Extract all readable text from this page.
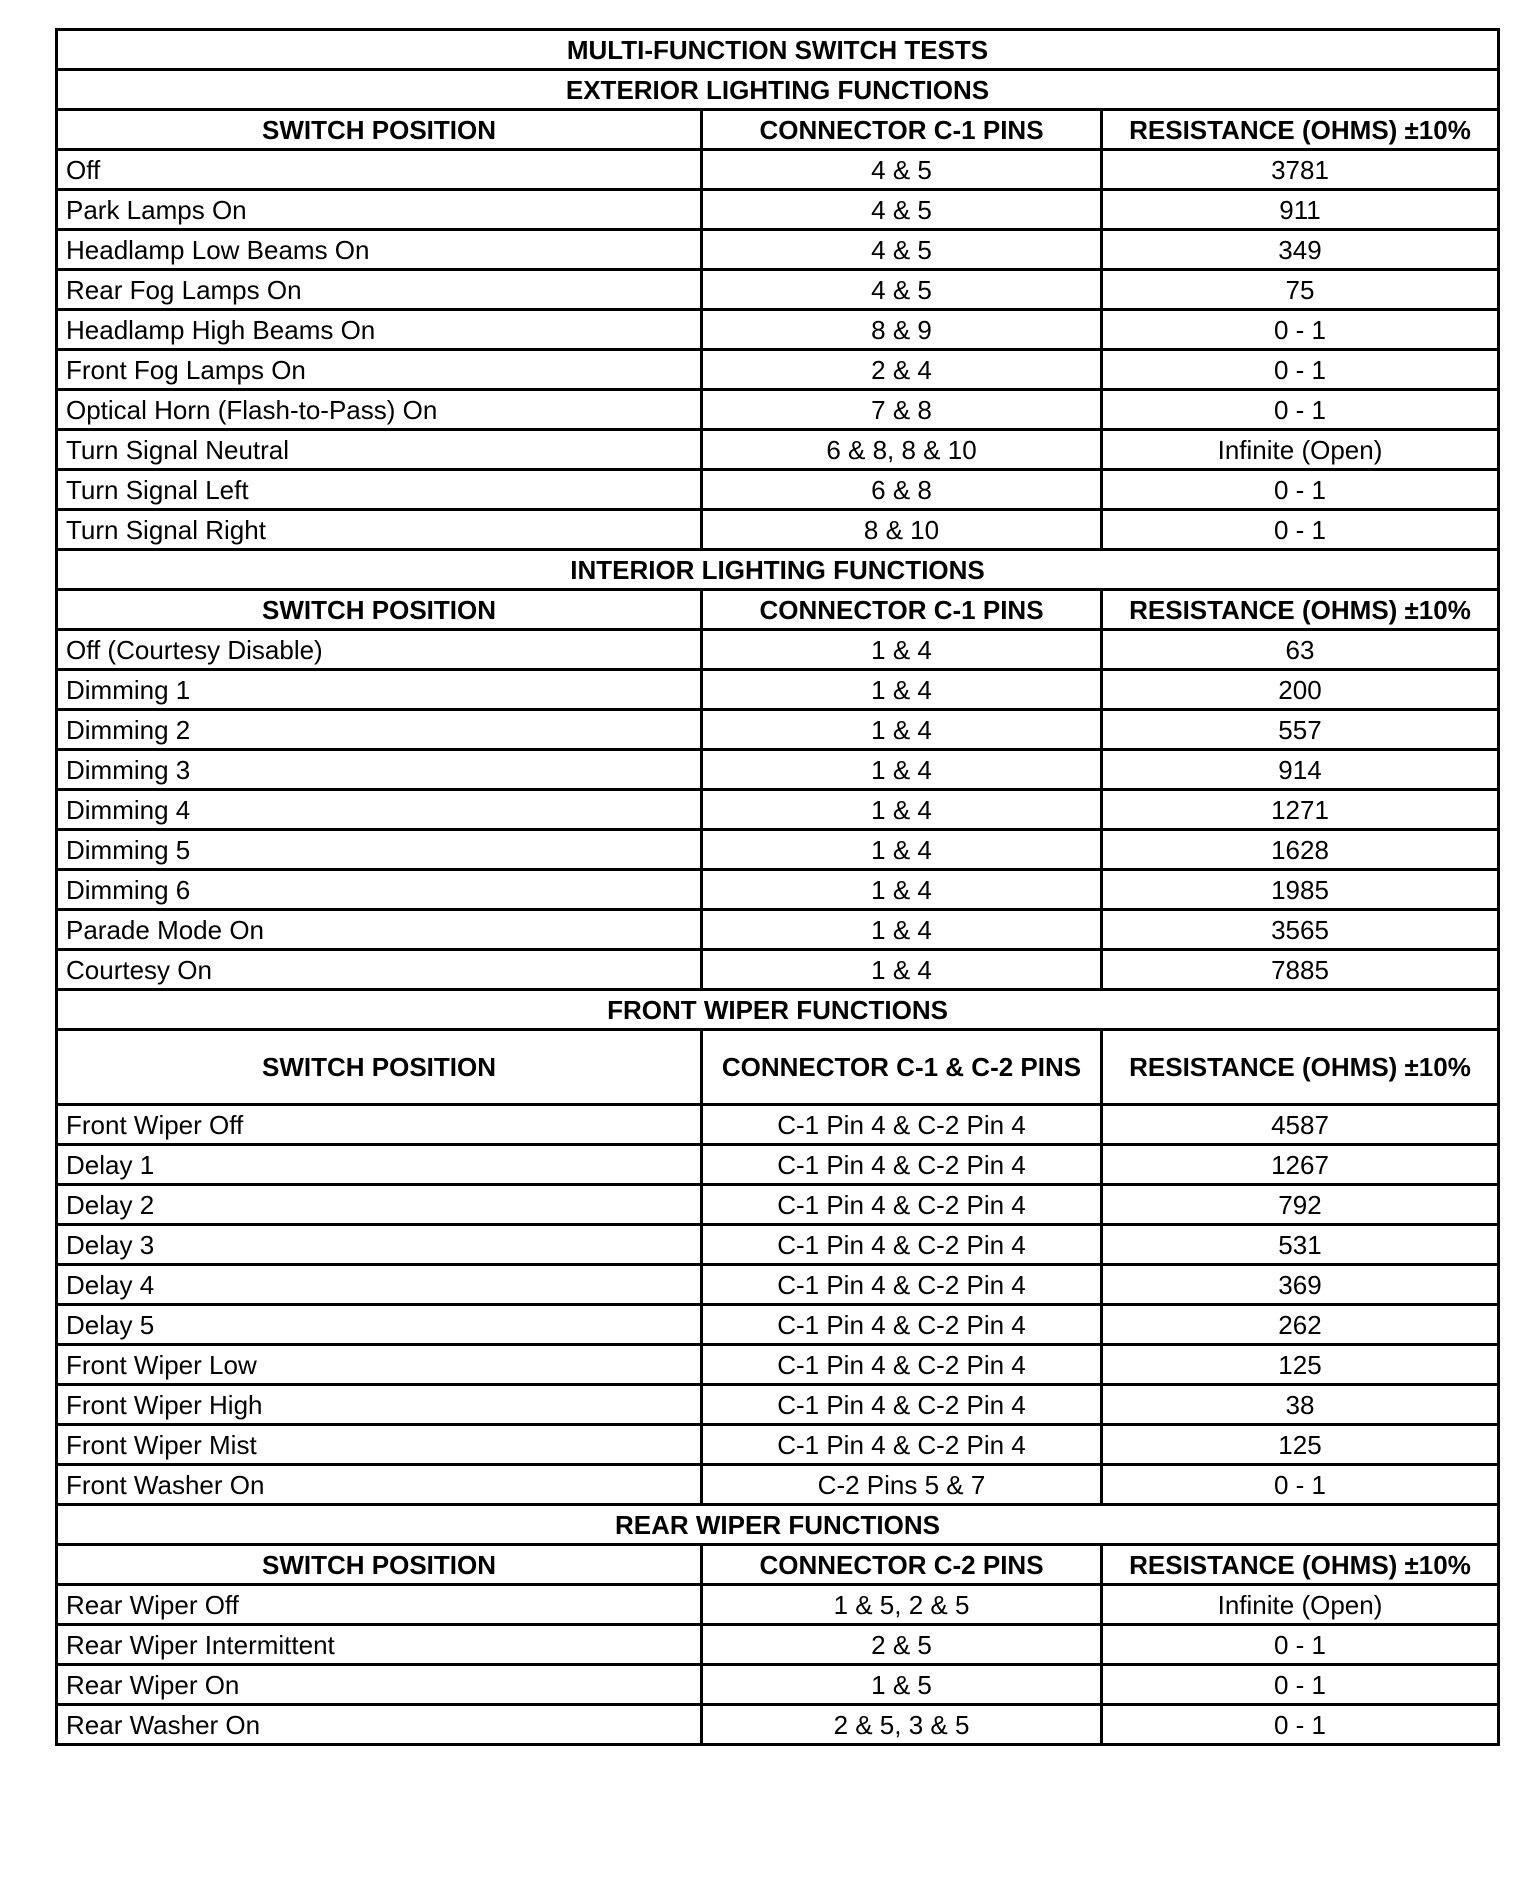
MULTI-FUNCTION SWITCH TESTS		
EXTERIOR LIGHTING FUNCTIONS		
SWITCH POSITION	CONNECTOR C-1 PINS	RESISTANCE (OHMS) ±10%
Off	4 & 5	3781
Park Lamps On	4 & 5	911
Headlamp Low Beams On	4 & 5	349
Rear Fog Lamps On	4 & 5	75
Headlamp High Beams On	8 & 9	0 - 1
Front Fog Lamps On	2 & 4	0 - 1
Optical Horn (Flash-to-Pass) On	7 & 8	0 - 1
Turn Signal Neutral	6 & 8, 8 & 10	Infinite (Open)
Turn Signal Left	6 & 8	0 - 1
Turn Signal Right	8 & 10	0 - 1
INTERIOR LIGHTING FUNCTIONS		
SWITCH POSITION	CONNECTOR C-1 PINS	RESISTANCE (OHMS) ±10%
Off (Courtesy Disable)	1 & 4	63
Dimming 1	1 & 4	200
Dimming 2	1 & 4	557
Dimming 3	1 & 4	914
Dimming 4	1 & 4	1271
Dimming 5	1 & 4	1628
Dimming 6	1 & 4	1985
Parade Mode On	1 & 4	3565
Courtesy On	1 & 4	7885
FRONT WIPER FUNCTIONS		
SWITCH POSITION	CONNECTOR C-1 & C-2 PINS	RESISTANCE (OHMS) ±10%
Front Wiper Off	C-1 Pin 4 & C-2 Pin 4	4587
Delay 1	C-1 Pin 4 & C-2 Pin 4	1267
Delay 2	C-1 Pin 4 & C-2 Pin 4	792
Delay 3	C-1 Pin 4 & C-2 Pin 4	531
Delay 4	C-1 Pin 4 & C-2 Pin 4	369
Delay 5	C-1 Pin 4 & C-2 Pin 4	262
Front Wiper Low	C-1 Pin 4 & C-2 Pin 4	125
Front Wiper High	C-1 Pin 4 & C-2 Pin 4	38
Front Wiper Mist	C-1 Pin 4 & C-2 Pin 4	125
Front Washer On	C-2 Pins 5 & 7	0 - 1
REAR WIPER FUNCTIONS		
SWITCH POSITION	CONNECTOR C-2 PINS	RESISTANCE (OHMS) ±10%
Rear Wiper Off	1 & 5, 2 & 5	Infinite (Open)
Rear Wiper Intermittent	2 & 5	0 - 1
Rear Wiper On	1 & 5	0 - 1
Rear Washer On	2 & 5, 3 & 5	0 - 1
